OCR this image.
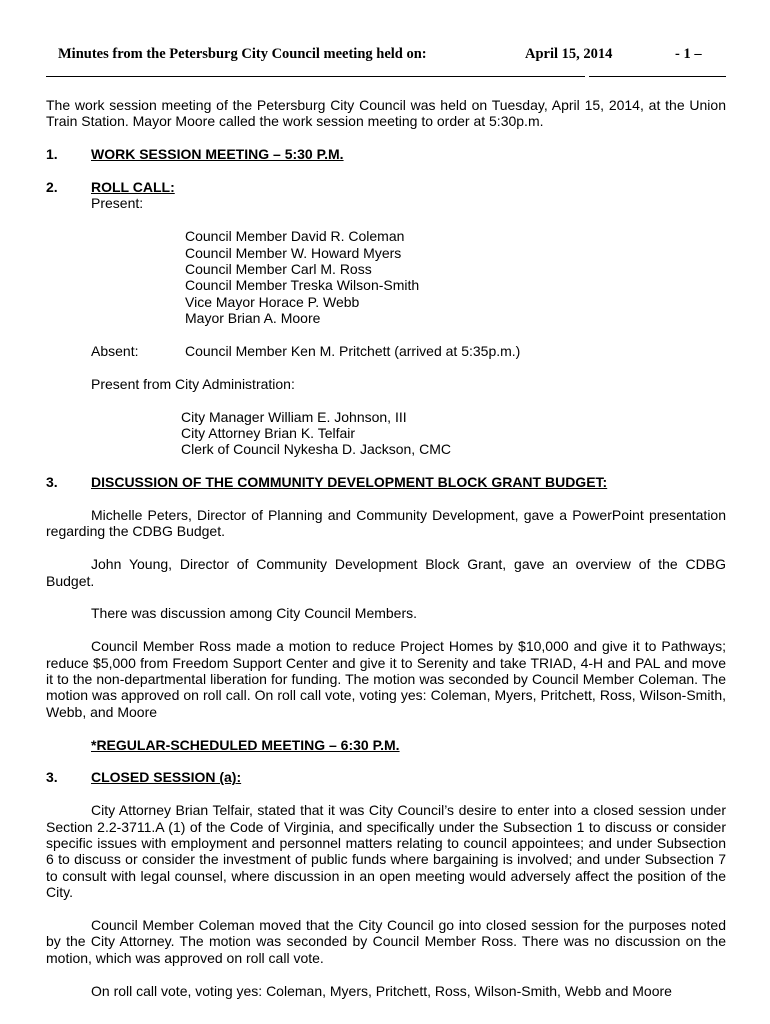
Minutes from the Petersburg City Council meeting held on:	April 15, 2014	- 1 –

The work session meeting of the Petersburg City Council was held on Tuesday, April 15, 2014, at the Union Train Station. Mayor Moore called the work session meeting to order at 5:30p.m.

1.	WORK SESSION MEETING – 5:30 P.M.
2.	ROLL CALL:

Present:

Council Member David R. Coleman
Council Member W. Howard Myers
Council Member Carl M. Ross
Council Member Treska Wilson-Smith
Vice Mayor Horace P. Webb
Mayor Brian A. Moore
Absent:	Council Member Ken M. Pritchett (arrived at 5:35p.m.)

Present from City Administration:

City Manager William E. Johnson, III
City Attorney Brian K. Telfair
Clerk of Council Nykesha D. Jackson, CMC
3.	DISCUSSION OF THE COMMUNITY DEVELOPMENT BLOCK GRANT BUDGET:

Michelle Peters, Director of Planning and Community Development, gave a PowerPoint presentation regarding the CDBG Budget.

John Young, Director of Community Development Block Grant, gave an overview of the CDBG Budget.

There was discussion among City Council Members.

Council Member Ross made a motion to reduce Project Homes by $10,000 and give it to Pathways; reduce $5,000 from Freedom Support Center and give it to Serenity and take TRIAD, 4-H and PAL and move it to the non-departmental liberation for funding. The motion was seconded by Council Member Coleman. The motion was approved on roll call. On roll call vote, voting yes: Coleman, Myers, Pritchett, Ross, Wilson-Smith, Webb, and Moore

*REGULAR-SCHEDULED MEETING – 6:30 P.M.
3.	CLOSED SESSION (a):

City Attorney Brian Telfair, stated that it was City Council’s desire to enter into a closed session under Section 2.2-3711.A (1) of the Code of Virginia, and specifically under the Subsection 1 to discuss or consider specific issues with employment and personnel matters relating to council appointees; and under Subsection 6 to discuss or consider the investment of public funds where bargaining is involved; and under Subsection 7 to consult with legal counsel, where discussion in an open meeting would adversely affect the position of the City.

Council Member Coleman moved that the City Council go into closed session for the purposes noted by the City Attorney. The motion was seconded by Council Member Ross. There was no discussion on the motion, which was approved on roll call vote.

On roll call vote, voting yes: Coleman, Myers, Pritchett, Ross, Wilson-Smith, Webb and Moore
